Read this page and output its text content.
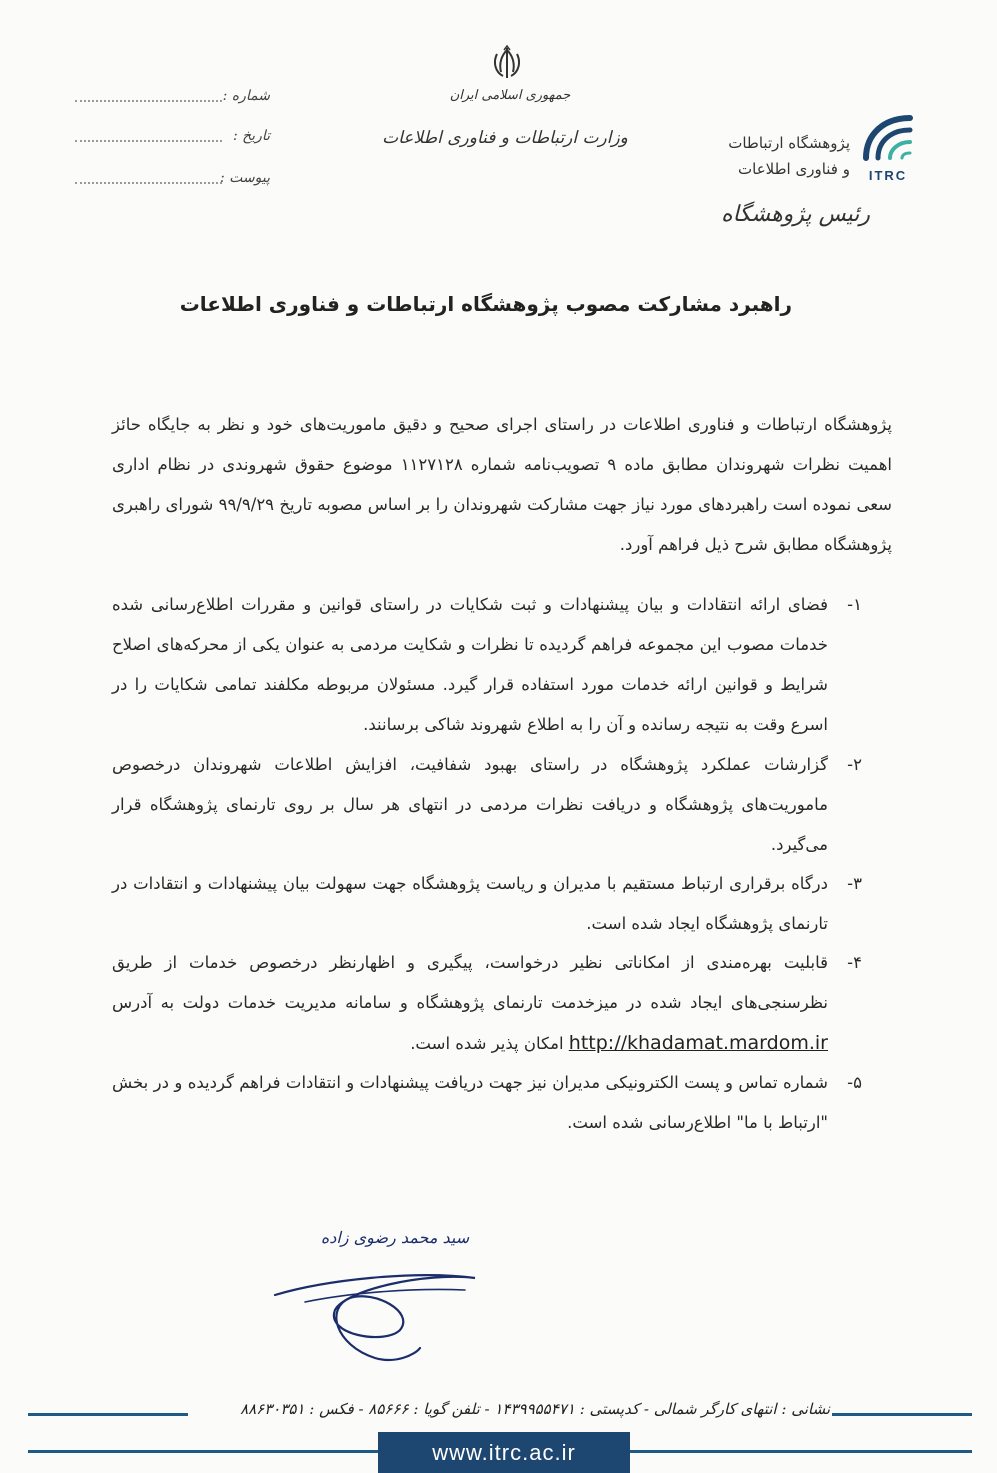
شماره :
تاریخ :
پیوست :
جمهوری اسلامی ایران
وزارت ارتباطات و فناوری اطلاعات
ITRC
پژوهشگاه ارتباطات
و فناوری اطلاعات
رئیس پژوهشگاه
راهبرد مشارکت مصوب پژوهشگاه ارتباطات و فناوری اطلاعات
پژوهشگاه ارتباطات و فناوری اطلاعات در راستای اجرای صحیح و دقیق ماموریت‌های خود و نظر به جایگاه حائز اهمیت نظرات شهروندان مطابق ماده ۹ تصویب‌نامه شماره ۱۱۲۷۱۲۸ موضوع حقوق شهروندی در نظام اداری سعی نموده است راهبردهای مورد نیاز جهت مشارکت شهروندان را بر اساس مصوبه تاریخ ۹۹/۹/۲۹ شورای راهبری پژوهشگاه مطابق شرح ذیل فراهم آورد.
۱-
فضای ارائه انتقادات و بیان پیشنهادات و ثبت شکایات در راستای قوانین و مقررات اطلاع‌رسانی شده خدمات مصوب این مجموعه فراهم گردیده تا نظرات و شکایت مردمی به عنوان یکی از محرکه‌های اصلاح شرایط و قوانین ارائه خدمات مورد استفاده قرار گیرد. مسئولان مربوطه مکلفند تمامی شکایات را در اسرع وقت به نتیجه رسانده و آن را به اطلاع شهروند شاکی برسانند.
۲-
گزارشات عملکرد پژوهشگاه در راستای بهبود شفافیت، افزایش اطلاعات شهروندان درخصوص ماموریت‌های پژوهشگاه و دریافت نظرات مردمی در انتهای هر سال بر روی تارنمای پژوهشگاه قرار می‌گیرد.
۳-
درگاه برقراری ارتباط مستقیم با مدیران و ریاست پژوهشگاه جهت سهولت بیان پیشنهادات و انتقادات در تارنمای پژوهشگاه ایجاد شده است.
۴-
قابلیت بهره‌مندی از امکاناتی نظیر درخواست، پیگیری و اظهارنظر درخصوص خدمات از طریق نظرسنجی‌های ایجاد شده در میزخدمت تارنمای پژوهشگاه و سامانه مدیریت خدمات دولت به آدرس http://khadamat.mardom.ir امکان پذیر شده است.
۵-
شماره تماس و پست الکترونیکی مدیران نیز جهت دریافت پیشنهادات و انتقادات فراهم گردیده و در بخش "ارتباط با ما" اطلاع‌رسانی شده است.
سید محمد رضوی زاده
نشانی : انتهای کارگر شمالی - کدپستی : ۱۴۳۹۹۵۵۴۷۱ - تلفن گویا : ۸۵۶۶۶ - فکس : ۸۸۶۳۰۳۵۱
www.itrc.ac.ir
